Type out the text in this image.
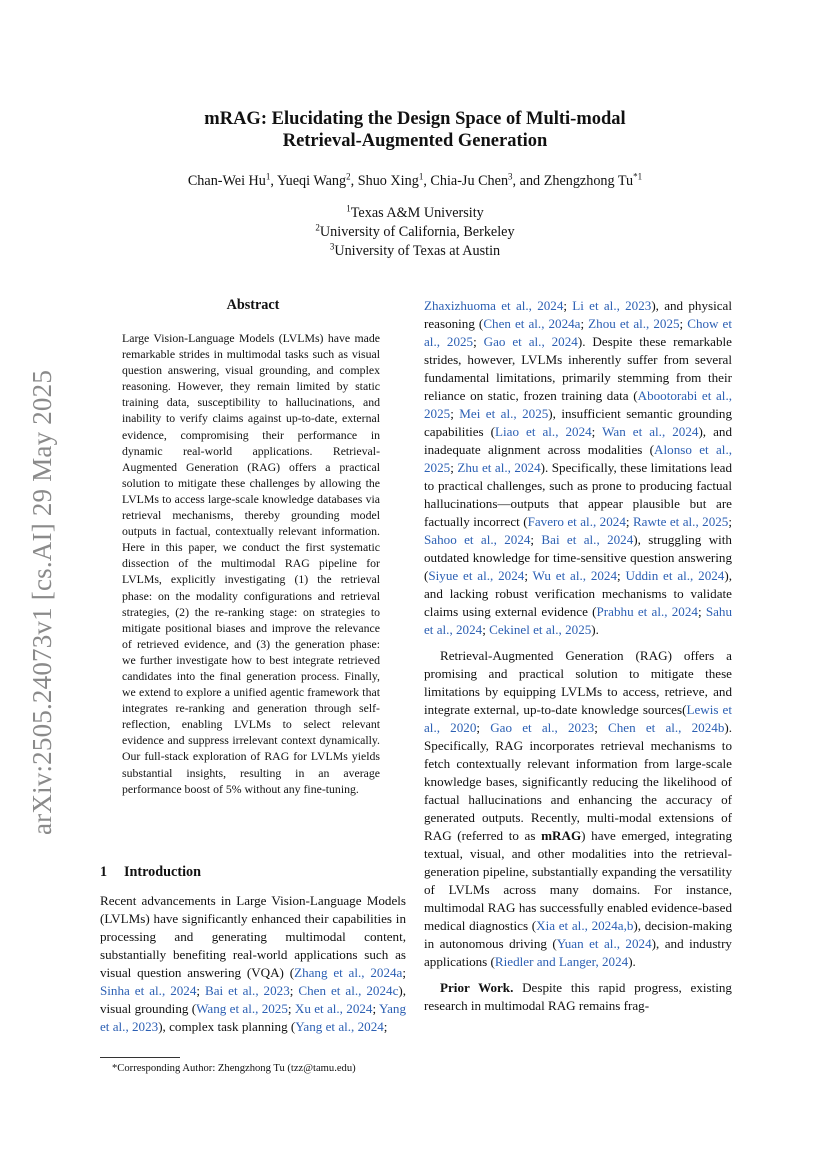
arXiv:2505.24073v1 [cs.AI] 29 May 2025
mRAG: Elucidating the Design Space of Multi-modal
Retrieval-Augmented Generation
Chan-Wei Hu$^1$, Yueqi Wang$^2$, Shuo Xing$^1$, Chia-Ju Chen$^3$, and Zhengzhong Tu$^{*1}$
$^1$Texas A&M University
$^2$University of California, Berkeley
$^3$University of Texas at Austin
Abstract
Large Vision-Language Models (LVLMs) have made remarkable strides in multimodal tasks such as visual question answering, visual grounding, and complex reasoning. However, they remain limited by static training data, susceptibility to hallucinations, and inability to verify claims against up-to-date, external evidence, compromising their performance in dynamic real-world applications. Retrieval-Augmented Generation (RAG) offers a practical solution to mitigate these challenges by allowing the LVLMs to access large-scale knowledge databases via retrieval mechanisms, thereby grounding model outputs in factual, contextually relevant information. Here in this paper, we conduct the first systematic dissection of the multimodal RAG pipeline for LVLMs, explicitly investigating (1) the retrieval phase: on the modality configurations and retrieval strategies, (2) the re-ranking stage: on strategies to mitigate positional biases and improve the relevance of retrieved evidence, and (3) the generation phase: we further investigate how to best integrate retrieved candidates into the final generation process. Finally, we extend to explore a unified agentic framework that integrates re-ranking and generation through self-reflection, enabling LVLMs to select relevant evidence and suppress irrelevant context dynamically. Our full-stack exploration of RAG for LVLMs yields substantial insights, resulting in an average performance boost of 5% without any fine-tuning.
1 Introduction
Recent advancements in Large Vision-Language Models (LVLMs) have significantly enhanced their capabilities in processing and generating multimodal content, substantially benefiting real-world applications such as visual question answering (VQA) (Zhang et al., 2024a; Sinha et al., 2024; Bai et al., 2023; Chen et al., 2024c), visual grounding (Wang et al., 2025; Xu et al., 2024; Yang et al., 2023), complex task planning (Yang et al., 2024;
*Corresponding Author: Zhengzhong Tu (tzz@tamu.edu)

Zhaxizhuoma et al., 2024; Li et al., 2023), and physical reasoning (Chen et al., 2024a; Zhou et al., 2025; Chow et al., 2025; Gao et al., 2024). Despite these remarkable strides, however, LVLMs inherently suffer from several fundamental limitations, primarily stemming from their reliance on static, frozen training data (Abootorabi et al., 2025; Mei et al., 2025), insufficient semantic grounding capabilities (Liao et al., 2024; Wan et al., 2024), and inadequate alignment across modalities (Alonso et al., 2025; Zhu et al., 2024). Specifically, these limitations lead to practical challenges, such as prone to producing factual hallucinations—outputs that appear plausible but are factually incorrect (Favero et al., 2024; Rawte et al., 2025; Sahoo et al., 2024; Bai et al., 2024), struggling with outdated knowledge for time-sensitive question answering (Siyue et al., 2024; Wu et al., 2024; Uddin et al., 2024), and lacking robust verification mechanisms to validate claims using external evidence (Prabhu et al., 2024; Sahu et al., 2024; Cekinel et al., 2025).

Retrieval-Augmented Generation (RAG) offers a promising and practical solution to mitigate these limitations by equipping LVLMs to access, retrieve, and integrate external, up-to-date knowledge sources(Lewis et al., 2020; Gao et al., 2023; Chen et al., 2024b). Specifically, RAG incorporates retrieval mechanisms to fetch contextually relevant information from large-scale knowledge bases, significantly reducing the likelihood of factual hallucinations and enhancing the accuracy of generated outputs. Recently, multi-modal extensions of RAG (referred to as mRAG) have emerged, integrating textual, visual, and other modalities into the retrieval-generation pipeline, substantially expanding the versatility of LVLMs across many domains. For instance, multimodal RAG has successfully enabled evidence-based medical diagnostics (Xia et al., 2024a,b), decision-making in autonomous driving (Yuan et al., 2024), and industry applications (Riedler and Langer, 2024).

Prior Work. Despite this rapid progress, existing research in multimodal RAG remains frag-
